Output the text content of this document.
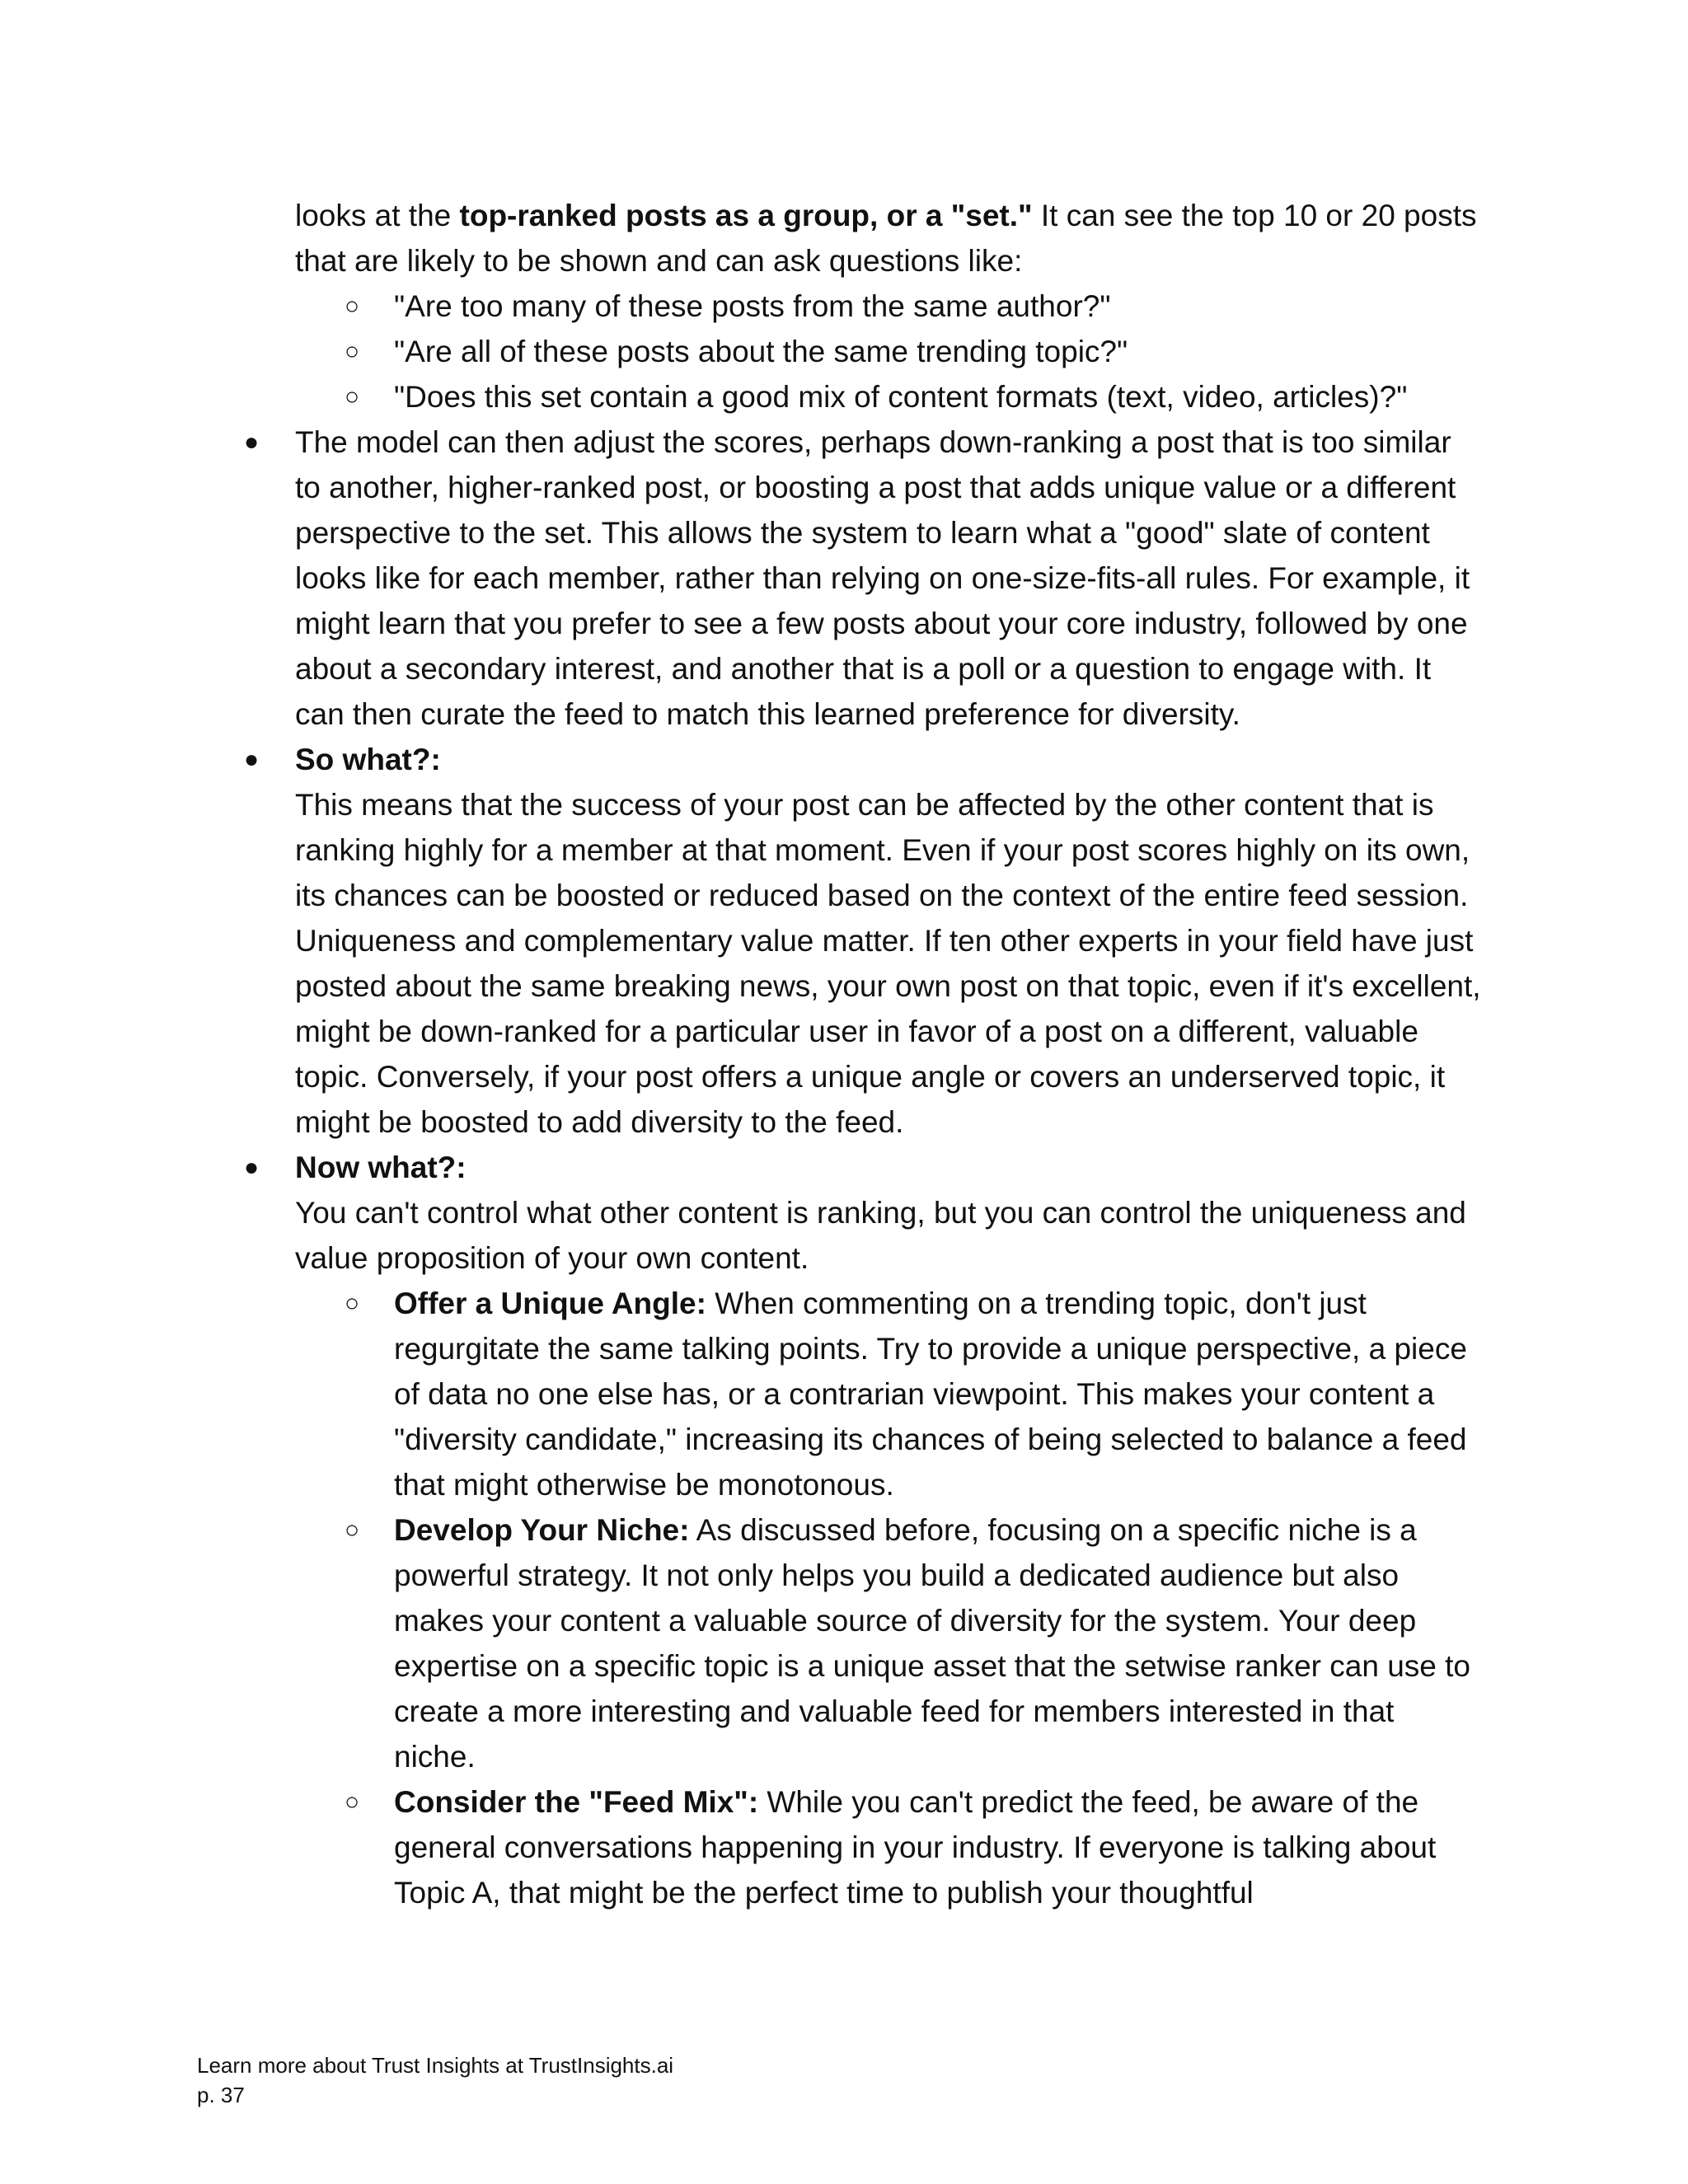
looks at the top-ranked posts as a group, or a "set." It can see the top 10 or 20 posts that are likely to be shown and can ask questions like:

○	"Are too many of these posts from the same author?"
○	"Are all of these posts about the same trending topic?"
○	"Does this set contain a good mix of content formats (text, video, articles)?"
●	The model can then adjust the scores, perhaps down-ranking a post that is too similar to another, higher-ranked post, or boosting a post that adds unique value or a different perspective to the set. This allows the system to learn what a "good" slate of content looks like for each member, rather than relying on one-size-fits-all rules. For example, it might learn that you prefer to see a few posts about your core industry, followed by one about a secondary interest, and another that is a poll or a question to engage with. It can then curate the feed to match this learned preference for diversity.
●	So what?:
This means that the success of your post can be affected by the other content that is ranking highly for a member at that moment. Even if your post scores highly on its own, its chances can be boosted or reduced based on the context of the entire feed session. Uniqueness and complementary value matter. If ten other experts in your field have just posted about the same breaking news, your own post on that topic, even if it's excellent, might be down-ranked for a particular user in favor of a post on a different, valuable topic. Conversely, if your post offers a unique angle or covers an underserved topic, it might be boosted to add diversity to the feed.
●	Now what?:
You can't control what other content is ranking, but you can control the uniqueness and value proposition of your own content.
○	Offer a Unique Angle: When commenting on a trending topic, don't just regurgitate the same talking points. Try to provide a unique perspective, a piece of data no one else has, or a contrarian viewpoint. This makes your content a "diversity candidate," increasing its chances of being selected to balance a feed that might otherwise be monotonous.
○	Develop Your Niche: As discussed before, focusing on a specific niche is a powerful strategy. It not only helps you build a dedicated audience but also makes your content a valuable source of diversity for the system. Your deep expertise on a specific topic is a unique asset that the setwise ranker can use to create a more interesting and valuable feed for members interested in that niche.
○	Consider the "Feed Mix": While you can't predict the feed, be aware of the general conversations happening in your industry. If everyone is talking about Topic A, that might be the perfect time to publish your thoughtful
Learn more about Trust Insights at TrustInsights.ai
p. 37
